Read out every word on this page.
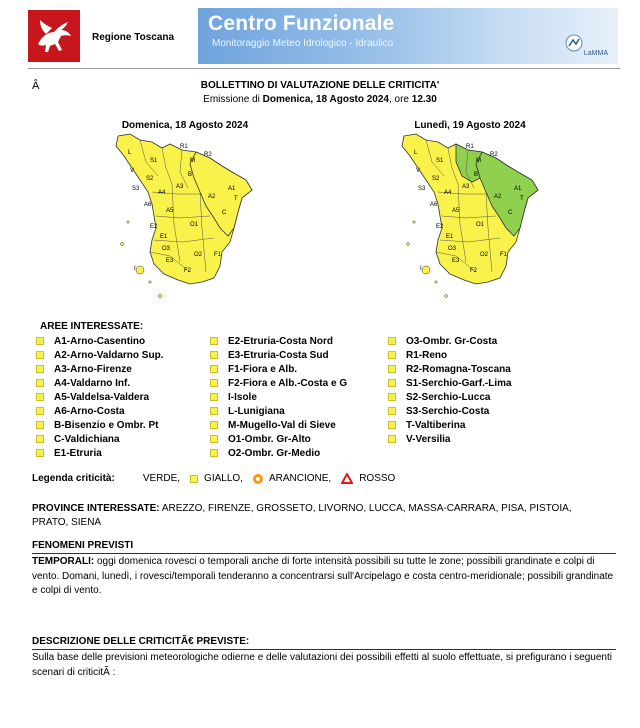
Regione Toscana
Centro Funzionale
Monitoraggio Meteo Idrologico - Idraulico
LaMMA
Â	BOLLETTINO DI VALUTAZIONE DELLE CRITICITA'
Emissione di Domenica, 18 Agosto 2024, ore 12.30
Domenica, 18 Agosto 2024	Lunedì, 19 Agosto 2024
S1
L
S3
S2
V
M
R1
R2
A4
A3
A2
A6
A1
A5
B
C
E2	O1
T
I
E1
E3
O2 F1
F2
O3
S1
L
S3
S2
V
M
R1
R2
A4
A3
A2
A6
A1
A5
B
C
E2	O1
T
I
E1
E3
O2 F1
F2
O3
AREE INTERESSATE:
A1-Arno-Casentino
A2-Arno-Valdarno Sup.
A3-Arno-Firenze
A4-Valdarno Inf.
A5-Valdelsa-Valdera
A6-Arno-Costa
B-Bisenzio e Ombr. Pt
C-Valdichiana
E1-Etruria
E2-Etruria-Costa Nord
E3-Etruria-Costa Sud
F1-Fiora e Alb.
F2-Fiora e Alb.-Costa e G
I-Isole
L-Lunigiana
M-Mugello-Val di Sieve
O1-Ombr. Gr-Alto
O2-Ombr. Gr-Medio
O3-Ombr. Gr-Costa
R1-Reno
R2-Romagna-Toscana
S1-Serchio-Garf.-Lima
S2-Serchio-Lucca
S3-Serchio-Costa
T-Valtiberina
V-Versilia
Legenda criticità:	VERDE, GIALLO,	ARANCIONE,	ROSSO
PROVINCE INTERESSATE: AREZZO, FIRENZE, GROSSETO, LIVORNO, LUCCA, MASSA-CARRARA, PISA, PISTOIA, PRATO, SIENA
FENOMENI PREVISTI
TEMPORALI: oggi domenica rovesci o temporali anche di forte intensità possibili su tutte le zone; possibili grandinate e colpi di vento. Domani, lunedì, i rovesci/temporali tenderanno a concentrarsi sull'Arcipelago e costa centro-meridionale; possibili grandinate e colpi di vento.
DESCRIZIONE DELLE CRITICITÃ€ PREVISTE:
Sulla base delle previsioni meteorologiche odierne e delle valutazioni dei possibili effetti al suolo effettuate, si prefigurano i seguenti scenari di criticitÃ :
